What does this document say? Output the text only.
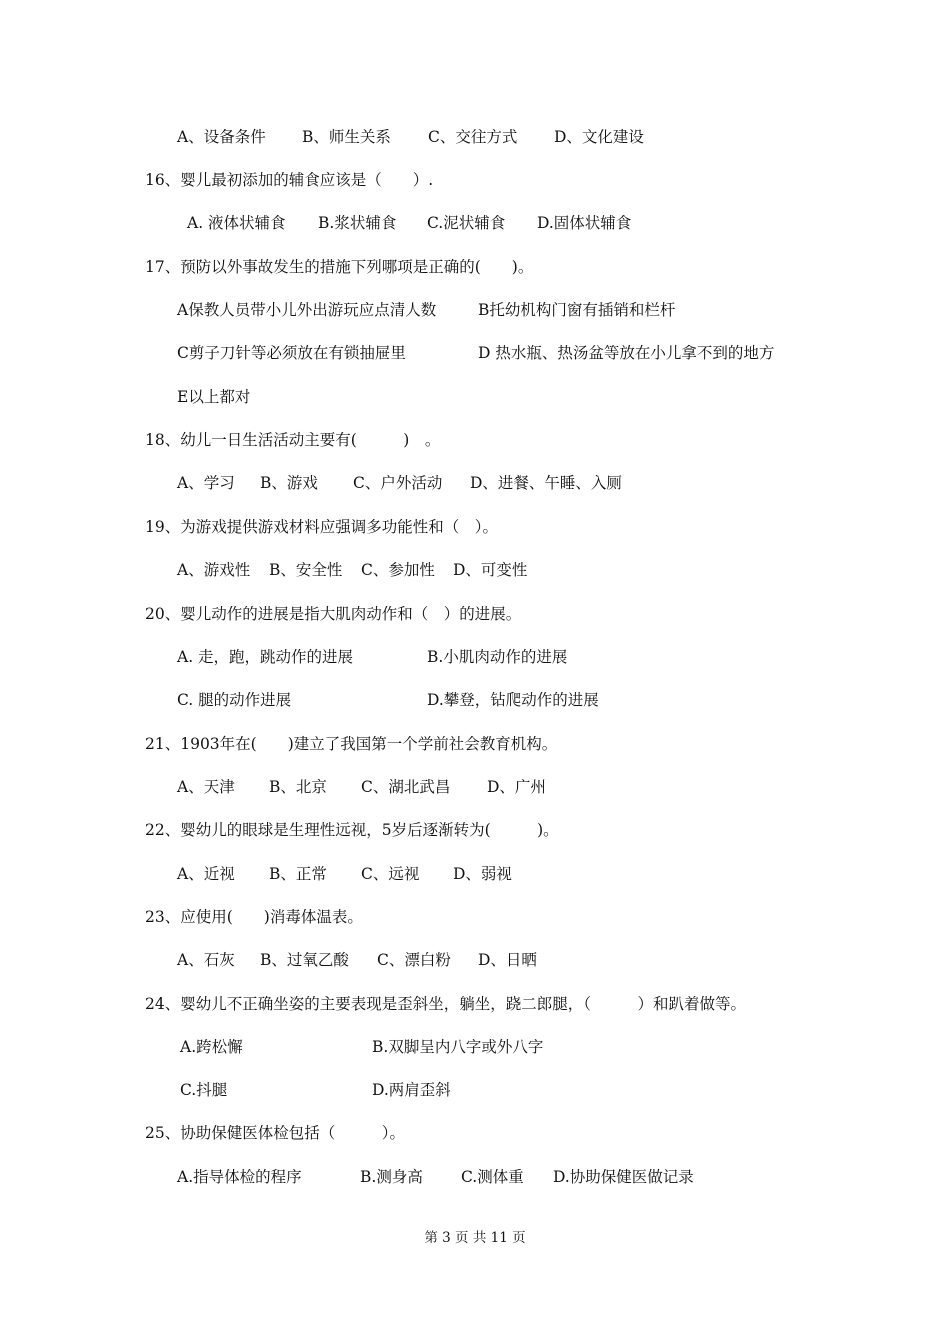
A、设备条件 B、师生关系 C、交往方式 D、文化建设
16、婴儿最初添加的辅食应该是（　　）.
A. 液体状辅食 B.浆状辅食 C.泥状辅食 D.固体状辅食
17、预防以外事故发生的措施下列哪项是正确的(　　)。
A保教人员带小儿外出游玩应点清人数	B托幼机构门窗有插销和栏杆
C剪子刀针等必须放在有锁抽屉里	D 热水瓶、热汤盆等放在小儿拿不到的地方
E以上都对
18、幼儿一日生活活动主要有(　　　)　。
A、学习 B、游戏 C、户外活动 D、进餐、午睡、入厕
19、为游戏提供游戏材料应强调多功能性和（　）。
A、游戏性 B、安全性 C、参加性 D、可变性
20、婴儿动作的进展是指大肌肉动作和（　）的进展。
A. 走，跑，跳动作的进展	B.小肌肉动作的进展
C. 腿的动作进展	D.攀登，钻爬动作的进展
21、1903年在(　　)建立了我国第一个学前社会教育机构。
A、天津 B、北京 C、湖北武昌 D、广州
22、婴幼儿的眼球是生理性远视，5岁后逐渐转为(　　　)。
A、近视 B、正常 C、远视 D、弱视
23、应使用(　　)消毒体温表。
A、石灰 B、过氧乙酸 C、漂白粉 D、日晒
24、婴幼儿不正确坐姿的主要表现是歪斜坐，躺坐，跷二郎腿，（　　　）和趴着做等。
A.跨松懈	B.双脚呈内八字或外八字
C.抖腿	D.两肩歪斜
25、协助保健医体检包括（　　　）。
A.指导体检的程序	B.测身高 C.测体重 D.协助保健医做记录
第 3 页 共 11 页
